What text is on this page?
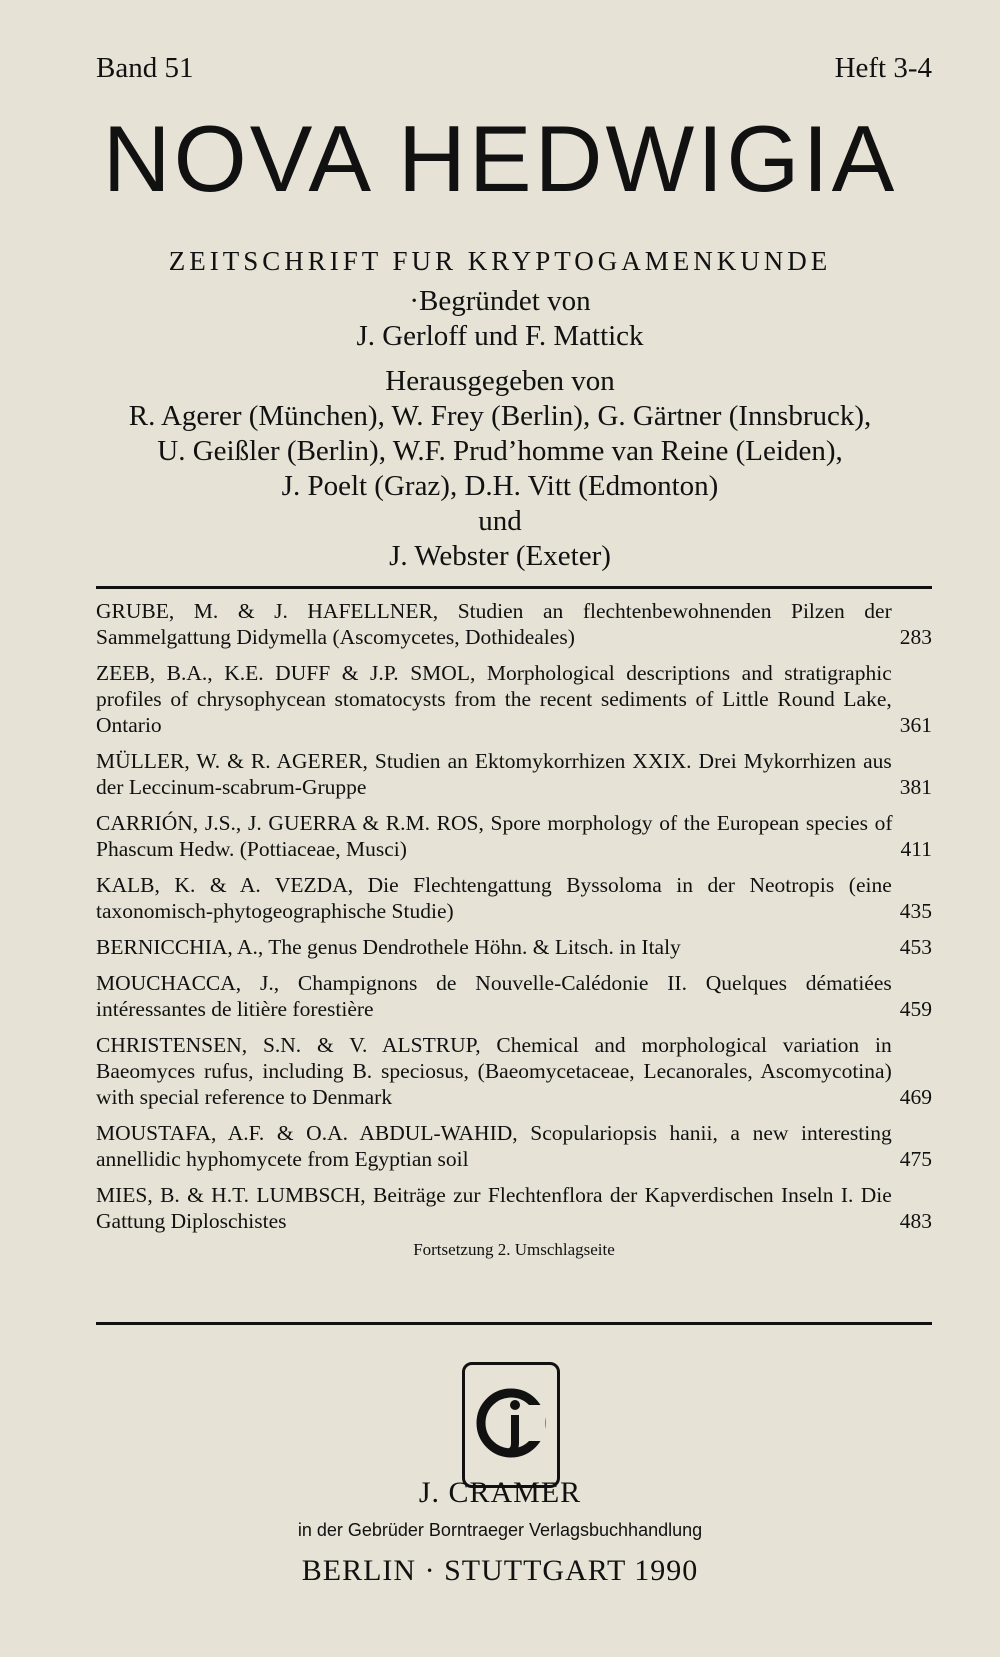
Band 51	Heft 3-4
NOVA HEDWIGIA
ZEITSCHRIFT FUR KRYPTOGAMENKUNDE
·Begründet von
J. Gerloff und F. Mattick
Herausgegeben von
R. Agerer (München), W. Frey (Berlin), G. Gärtner (Innsbruck),
U. Geißler (Berlin), W.F. Prud’homme van Reine (Leiden),
J. Poelt (Graz), D.H. Vitt (Edmonton)
und
J. Webster (Exeter)
GRUBE, M. & J. HAFELLNER, Studien an flechtenbewohnenden Pilzen der Sammelgattung Didymella (Ascomycetes, Dothideales)	283
ZEEB, B.A., K.E. DUFF & J.P. SMOL, Morphological descriptions and stratigraphic profiles of chrysophycean stomatocysts from the recent sediments of Little Round Lake, Ontario	361
MÜLLER, W. & R. AGERER, Studien an Ektomykorrhizen XXIX. Drei Mykorrhizen aus der Leccinum-scabrum-Gruppe	381
CARRIÓN, J.S., J. GUERRA & R.M. ROS, Spore morphology of the European species of Phascum Hedw. (Pottiaceae, Musci)	411
KALB, K. & A. VEZDA, Die Flechtengattung Byssoloma in der Neotropis (eine taxonomisch-phytogeographische Studie)	435
BERNICCHIA, A., The genus Dendrothele Höhn. & Litsch. in Italy	453
MOUCHACCA, J., Champignons de Nouvelle-Calédonie II. Quelques dématiées intéressantes de litière forestière	459
CHRISTENSEN, S.N. & V. ALSTRUP, Chemical and morphological variation in Baeomyces rufus, including B. speciosus, (Baeomycetaceae, Lecanorales, Ascomycotina) with special reference to Denmark	469
MOUSTAFA, A.F. & O.A. ABDUL-WAHID, Scopulariopsis hanii, a new interesting annellidic hyphomycete from Egyptian soil	475
MIES, B. & H.T. LUMBSCH, Beiträge zur Flechtenflora der Kapverdischen Inseln I. Die Gattung Diploschistes	483
Fortsetzung 2. Umschlagseite
J. CRAMER
in der Gebrüder Borntraeger Verlagsbuchhandlung
BERLIN · STUTTGART 1990
